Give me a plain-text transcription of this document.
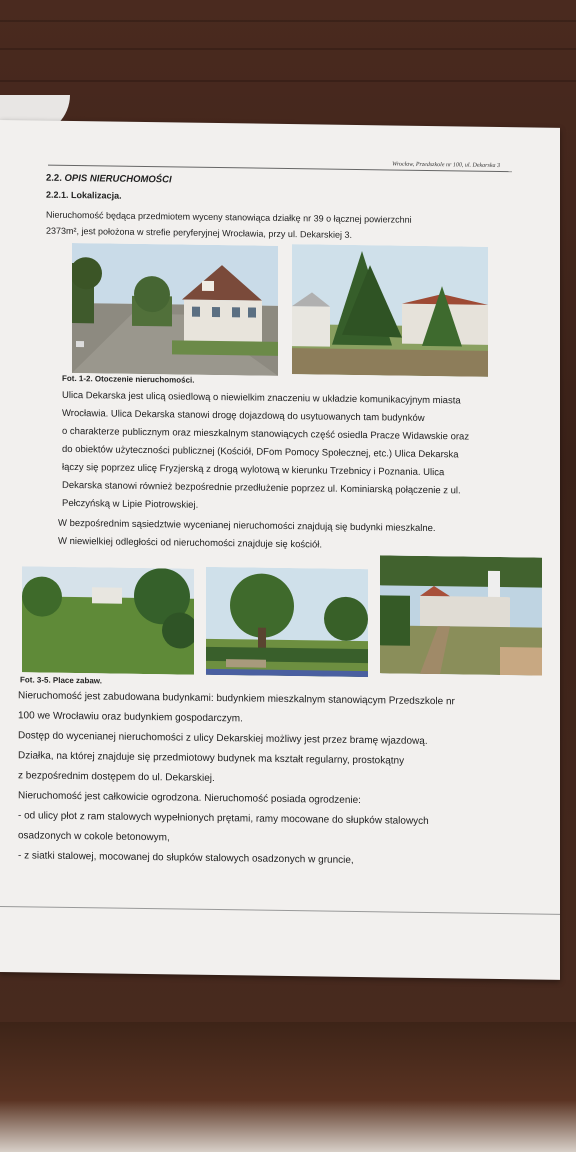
Wrocław, Przedszkole nr 100, ul. Dekarska 3
2.2. OPIS NIERUCHOMOŚCI
2.2.1. Lokalizacja.
Nieruchomość będąca przedmiotem wyceny stanowiąca działkę nr 39 o łącznej powierzchni
2373m², jest położona w strefie peryferyjnej Wrocławia, przy ul. Dekarskiej 3.
Fot. 1-2. Otoczenie nieruchomości.
Ulica Dekarska jest ulicą osiedlową o niewielkim znaczeniu w układzie komunikacyjnym miasta
Wrocławia. Ulica Dekarska stanowi drogę dojazdową do usytuowanych tam budynków
o charakterze publicznym oraz mieszkalnym stanowiących część osiedla Pracze Widawskie oraz
do obiektów użyteczności publicznej (Kościół, DFom Pomocy Społecznej, etc.) Ulica Dekarska
łączy się poprzez ulicę Fryzjerską z drogą wylotową w kierunku Trzebnicy i Poznania. Ulica
Dekarska stanowi również bezpośrednie przedłużenie poprzez ul. Kominiarską połączenie z ul.
Pełczyńską w Lipie Piotrowskiej.
W bezpośrednim sąsiedztwie wycenianej nieruchomości znajdują się budynki mieszkalne.
W niewielkiej odległości od nieruchomości znajduje się kościół.
Fot. 3-5. Place zabaw.
Nieruchomość jest zabudowana budynkami: budynkiem mieszkalnym stanowiącym Przedszkole nr
100 we Wrocławiu oraz budynkiem gospodarczym.
Dostęp do wycenianej nieruchomości z ulicy Dekarskiej możliwy jest przez bramę wjazdową.
Działka, na której znajduje się przedmiotowy budynek ma kształt regularny, prostokątny
z bezpośrednim dostępem do ul. Dekarskiej.
Nieruchomość jest całkowicie ogrodzona. Nieruchomość posiada ogrodzenie:
- od ulicy płot z ram stalowych wypełnionych prętami, ramy mocowane do słupków stalowych
osadzonych w cokole betonowym,
- z siatki stalowej, mocowanej do słupków stalowych osadzonych w gruncie,
